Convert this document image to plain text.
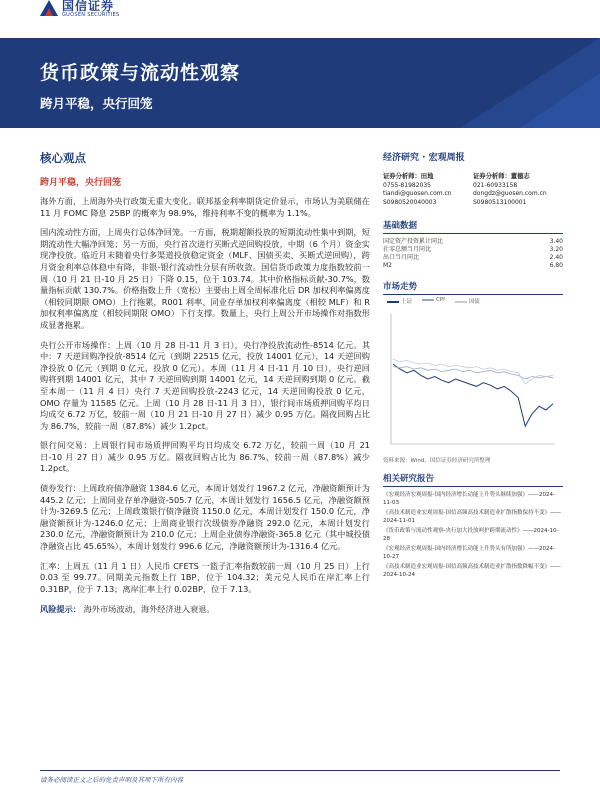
国信证券
GUOSEN SECURITIES
货币政策与流动性观察
跨月平稳，央行回笼
核心观点
跨月平稳，央行回笼

海外方面，上周海外央行政策无重大变化。联邦基金利率期货定价显示，市场认为美联储在 11 月 FOMC 降息 25BP 的概率为 98.9%，维持利率不变的概率为 1.1%。

国内流动性方面，上周央行总体净回笼。一方面，税期超额投放的短期流动性集中到期，短期流动性大幅净回笼；另一方面，央行首次进行买断式逆回购投放，中期（6 个月）资金实现净投放。临近月末随着央行多渠道投放稳定资金（MLF、国债买卖、买断式逆回购），跨月资金利率总体稳中有降，非银-银行流动性分层有所收敛。国信货币政策力度指数较前一周（10 月 21 日-10 月 25 日）下降 0.15，位于 103.74。其中价格指标贡献-30.7%，数量指标贡献 130.7%。价格指数上升（宽松）主要由上周全周标准化后 DR 加权利率偏离度（相较同期限 OMO）上行拖累，R001 利率、同业存单加权利率偏离度（相较 MLF）和 R 加权利率偏离度（相较同期限 OMO）下行支撑。数量上，央行上周公开市场操作对指数形成显著拖累。

央行公开市场操作：上周（10 月 28 日-11 月 3 日），央行净投放流动性-8514 亿元。其中：7 天逆回购净投放-8514 亿元（到期 22515 亿元，投放 14001 亿元），14 天逆回购净投放 0 亿元（到期 0 亿元，投放 0 亿元）。本周（11 月 4 日-11 月 10 日），央行逆回购将到期 14001 亿元，其中 7 天逆回购到期 14001 亿元，14 天逆回购到期 0 亿元。截至本周一（11 月 4 日）央行 7 天逆回购投放-2243 亿元，14 天逆回购投放 0 亿元，OMO 存量为 11585 亿元。上周（10 月 28 日-11 月 3 日），银行间市场质押回购平均日均成交 6.72 万亿，较前一周（10 月 21 日-10 月 27 日）减少 0.95 万亿。隔夜回购占比为 86.7%，较前一周（87.8%）减少 1.2pct。

银行间交易：上周银行间市场质押回购平均日均成交 6.72 万亿，较前一周（10 月 21 日-10 月 27 日）减少 0.95 万亿。隔夜回购占比为 86.7%，较前一周（87.8%）减少 1.2pct。

债券发行：上周政府债净融资 1384.6 亿元，本周计划发行 1967.2 亿元，净融资额预计为 445.2 亿元；上周同业存单净融资-505.7 亿元，本周计划发行 1656.5 亿元，净融资额预计为-3269.5 亿元；上周政策银行债净融资 1150.0 亿元，本周计划发行 150.0 亿元，净融资额预计为-1246.0 亿元；上周商业银行次级债券净融资 292.0 亿元，本周计划发行 230.0 亿元，净融资额预计为 210.0 亿元；上周企业债券净融资-365.8 亿元（其中城投债净融资占比 45.65%），本周计划发行 996.6 亿元，净融资额预计为-1316.4 亿元。

汇率：上周五（11 月 1 日）人民币 CFETS 一篮子汇率指数较前一周（10 月 25 日）上行 0.03 至 99.77。同期美元指数上行 1BP，位于 104.32；美元兑人民币在岸汇率上行 0.31BP，位于 7.13；离岸汇率上行 0.02BP，位于 7.13。

风险提示： 海外市场波动，海外经济进入衰退。
经济研究 · 宏观周报
证券分析师：田地
0755-81982035
tiandi@guosen.com.cn
S0980520040003
证券分析师：董德志
021-60933158
dongdz@guosen.com.cn
S0980513100001
基础数据
国定资产投资累计同比	3.40
社零总额当月同比	3.20
出口当月同比	2.40
M2	6.80
市场走势
上证	CPI	国债
资料来源：Wind、国信证券经济研究所整理
相关研究报告
《宏观经济宏观周报-国内经济增长动能上升势头继续加强》——2024-11-03
《高技术制造业宏观周报-国信高频高技术制造业扩散指数保持不变》——2024-11-01
《货币政策与流动性观察-央行加大投放呵护跨期流动性》——2024-10-28
《宏观经济宏观周报-国内经济增长动能上升势头有所加强》——2024-10-27
《高技术制造业宏观周报-国信高频高技术制造业扩散指数降幅不变》——2024-10-24
请务必阅读正文之后的免责声明及其项下所有内容
